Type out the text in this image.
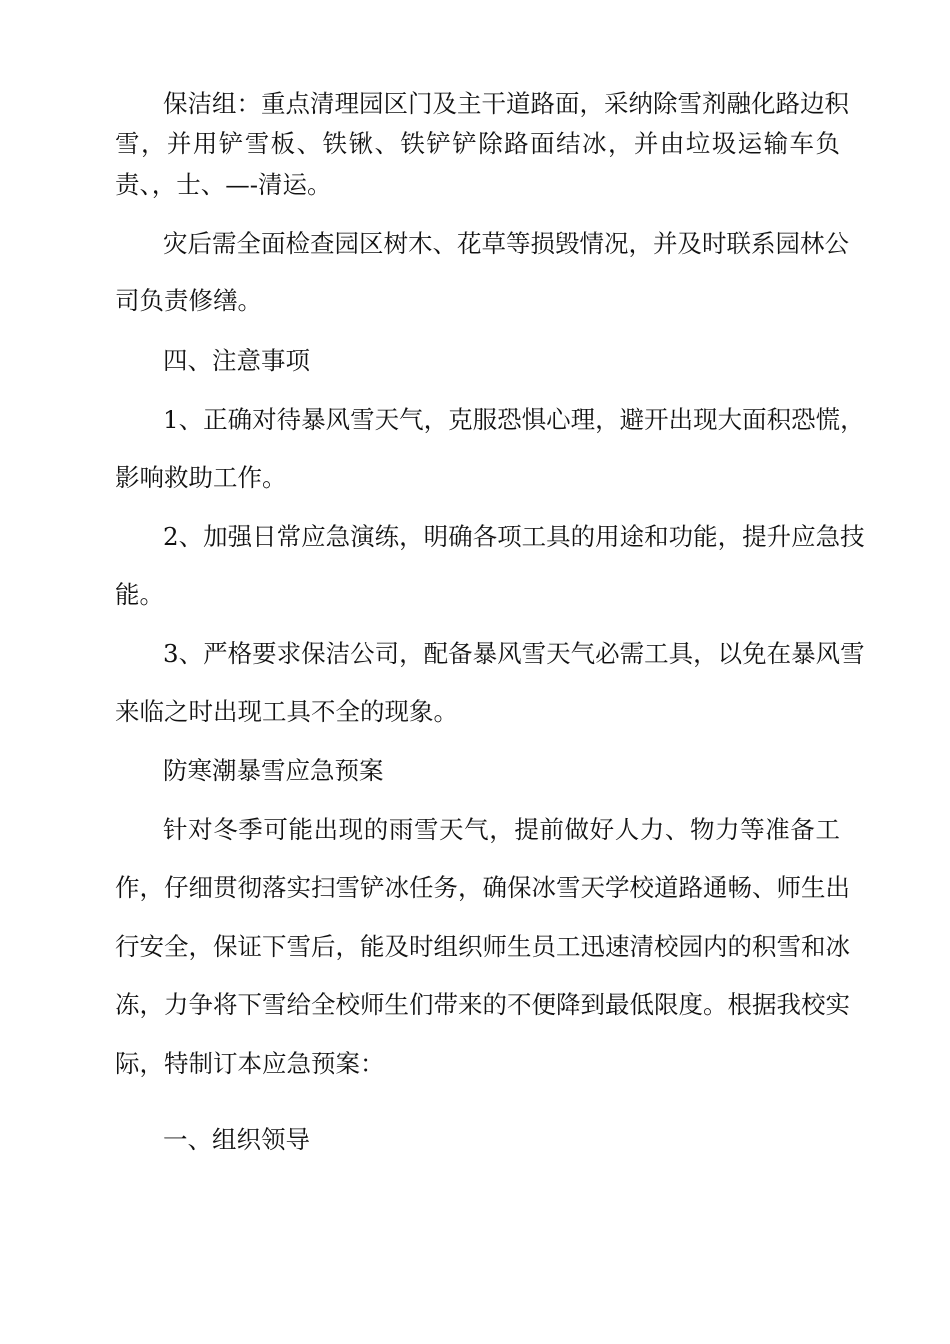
保洁组：重点清理园区门及主干道路面，采纳除雪剂融化路边积

雪，并用铲雪板、铁锹、铁铲铲除路面结冰，并由垃圾运输车负

责、，士、—-清运。

灾后需全面检查园区树木、花草等损毁情况，并及时联系园林公

司负责修缮。

四、注意事项

1、正确对待暴风雪天气，克服恐惧心理，避开出现大面积恐慌，

影响救助工作。

2、加强日常应急演练，明确各项工具的用途和功能，提升应急技

能。

3、严格要求保洁公司，配备暴风雪天气必需工具，以免在暴风雪

来临之时出现工具不全的现象。

防寒潮暴雪应急预案

针对冬季可能出现的雨雪天气，提前做好人力、物力等准备工

作，仔细贯彻落实扫雪铲冰任务，确保冰雪天学校道路通畅、师生出

行安全，保证下雪后，能及时组织师生员工迅速清校园内的积雪和冰

冻，力争将下雪给全校师生们带来的不便降到最低限度。根据我校实

际，特制订本应急预案：

一、组织领导
